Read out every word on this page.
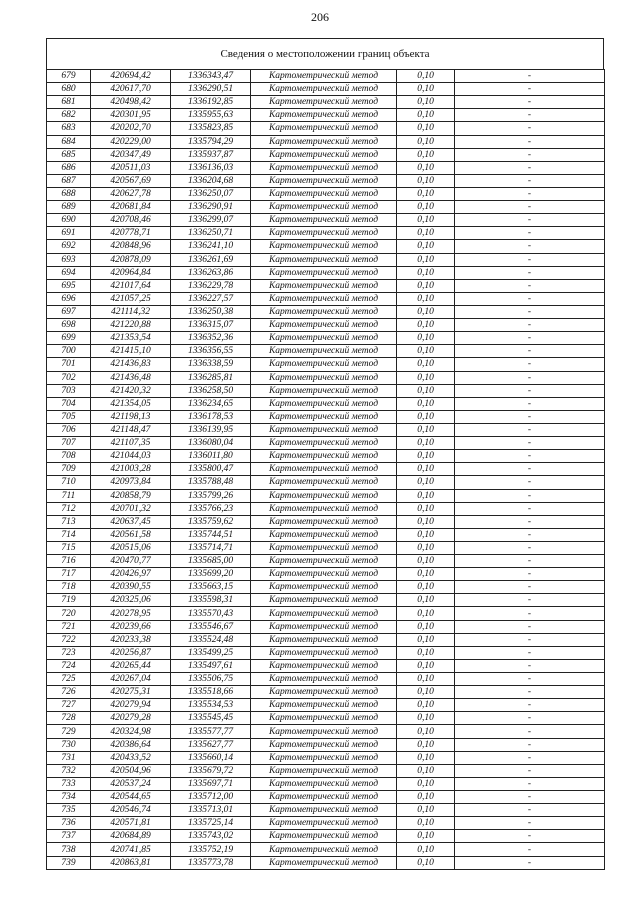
206
Сведения о местоположении границ объекта
679	420694,42	1336343,47	Картометрический метод	0,10	-
680	420617,70	1336290,51	Картометрический метод	0,10	-
681	420498,42	1336192,85	Картометрический метод	0,10	-
682	420301,95	1335955,63	Картометрический метод	0,10	-
683	420202,70	1335823,85	Картометрический метод	0,10	-
684	420229,00	1335794,29	Картометрический метод	0,10	-
685	420347,49	1335937,87	Картометрический метод	0,10	-
686	420511,03	1336136,03	Картометрический метод	0,10	-
687	420567,69	1336204,68	Картометрический метод	0,10	-
688	420627,78	1336250,07	Картометрический метод	0,10	-
689	420681,84	1336290,91	Картометрический метод	0,10	-
690	420708,46	1336299,07	Картометрический метод	0,10	-
691	420778,71	1336250,71	Картометрический метод	0,10	-
692	420848,96	1336241,10	Картометрический метод	0,10	-
693	420878,09	1336261,69	Картометрический метод	0,10	-
694	420964,84	1336263,86	Картометрический метод	0,10	-
695	421017,64	1336229,78	Картометрический метод	0,10	-
696	421057,25	1336227,57	Картометрический метод	0,10	-
697	421114,32	1336250,38	Картометрический метод	0,10	-
698	421220,88	1336315,07	Картометрический метод	0,10	-
699	421353,54	1336352,36	Картометрический метод	0,10	-
700	421415,10	1336356,55	Картометрический метод	0,10	-
701	421436,83	1336338,59	Картометрический метод	0,10	-
702	421436,48	1336285,81	Картометрический метод	0,10	-
703	421420,32	1336258,50	Картометрический метод	0,10	-
704	421354,05	1336234,65	Картометрический метод	0,10	-
705	421198,13	1336178,53	Картометрический метод	0,10	-
706	421148,47	1336139,95	Картометрический метод	0,10	-
707	421107,35	1336080,04	Картометрический метод	0,10	-
708	421044,03	1336011,80	Картометрический метод	0,10	-
709	421003,28	1335800,47	Картометрический метод	0,10	-
710	420973,84	1335788,48	Картометрический метод	0,10	-
711	420858,79	1335799,26	Картометрический метод	0,10	-
712	420701,32	1335766,23	Картометрический метод	0,10	-
713	420637,45	1335759,62	Картометрический метод	0,10	-
714	420561,58	1335744,51	Картометрический метод	0,10	-
715	420515,06	1335714,71	Картометрический метод	0,10	-
716	420470,77	1335685,00	Картометрический метод	0,10	-
717	420426,97	1335699,20	Картометрический метод	0,10	-
718	420390,55	1335663,15	Картометрический метод	0,10	-
719	420325,06	1335598,31	Картометрический метод	0,10	-
720	420278,95	1335570,43	Картометрический метод	0,10	-
721	420239,66	1335546,67	Картометрический метод	0,10	-
722	420233,38	1335524,48	Картометрический метод	0,10	-
723	420256,87	1335499,25	Картометрический метод	0,10	-
724	420265,44	1335497,61	Картометрический метод	0,10	-
725	420267,04	1335506,75	Картометрический метод	0,10	-
726	420275,31	1335518,66	Картометрический метод	0,10	-
727	420279,94	1335534,53	Картометрический метод	0,10	-
728	420279,28	1335545,45	Картометрический метод	0,10	-
729	420324,98	1335577,77	Картометрический метод	0,10	-
730	420386,64	1335627,77	Картометрический метод	0,10	-
731	420433,52	1335660,14	Картометрический метод	0,10	-
732	420504,96	1335679,72	Картометрический метод	0,10	-
733	420537,24	1335697,71	Картометрический метод	0,10	-
734	420544,65	1335712,00	Картометрический метод	0,10	-
735	420546,74	1335713,01	Картометрический метод	0,10	-
736	420571,81	1335725,14	Картометрический метод	0,10	-
737	420684,89	1335743,02	Картометрический метод	0,10	-
738	420741,85	1335752,19	Картометрический метод	0,10	-
739	420863,81	1335773,78	Картометрический метод	0,10	-
